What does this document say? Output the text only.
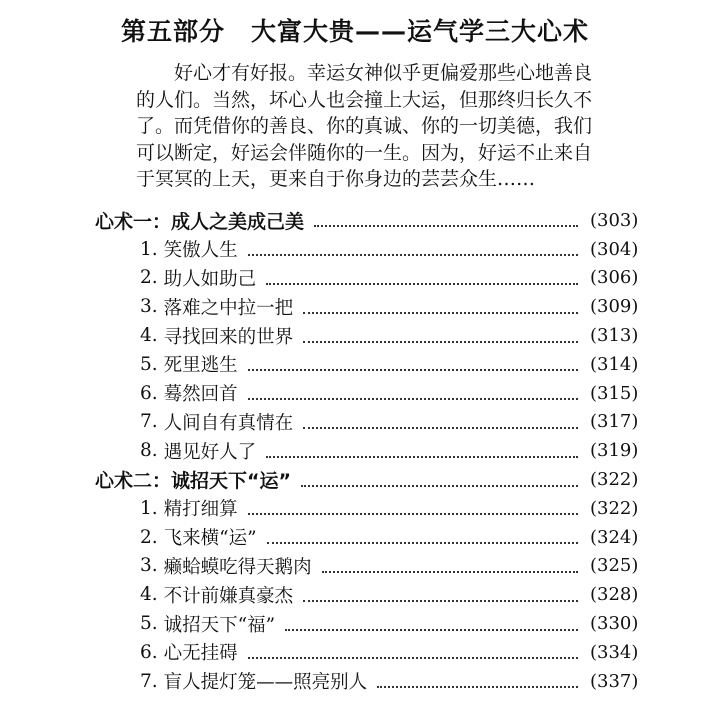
第五部分　大富大贵——运气学三大心术
　　好心才有好报。幸运女神似乎更偏爱那些心地善良
的人们。当然，坏心人也会撞上大运，但那终归长久不
了。而凭借你的善良、你的真诚、你的一切美德，我们
可以断定，好运会伴随你的一生。因为，好运不止来自
于冥冥的上天，更来自于你身边的芸芸众生……
心术一：成人之美成己美	(303)
1. 笑傲人生	(304)
2. 助人如助己	(306)
3. 落难之中拉一把	(309)
4. 寻找回来的世界	(313)
5. 死里逃生	(314)
6. 蓦然回首	(315)
7. 人间自有真情在	(317)
8. 遇见好人了	(319)
心术二：诚招天下“运”	(322)
1. 精打细算	(322)
2. 飞来横“运”	(324)
3. 癞蛤蟆吃得天鹅肉	(325)
4. 不计前嫌真豪杰	(328)
5. 诚招天下“福”	(330)
6. 心无挂碍	(334)
7. 盲人提灯笼——照亮别人	(337)
